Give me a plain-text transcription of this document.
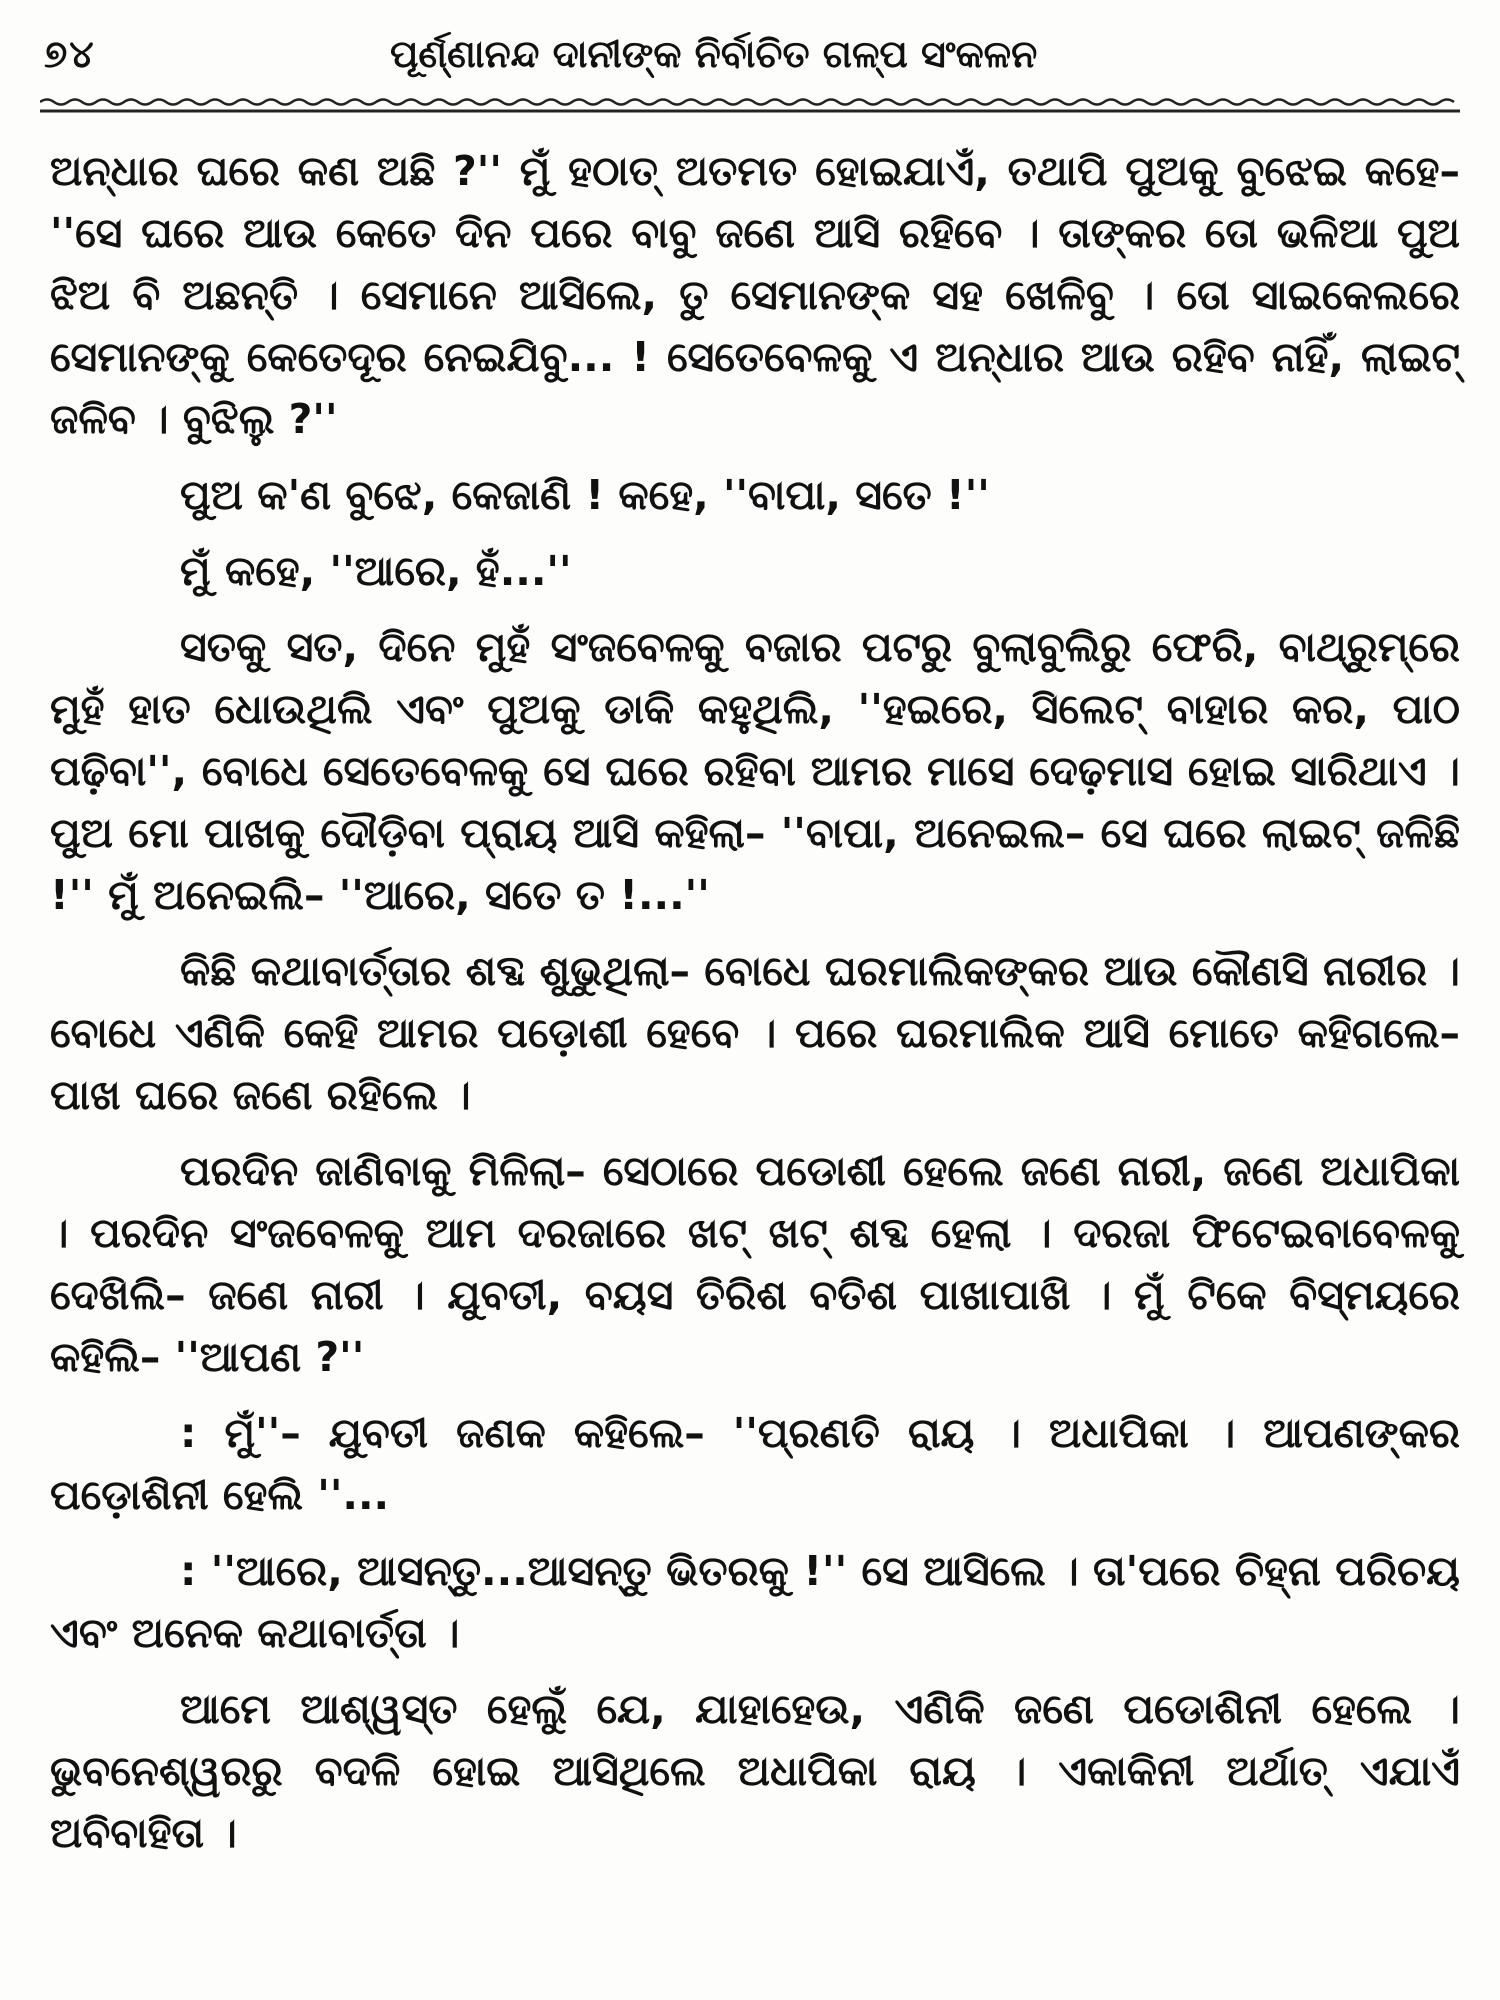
୭୪	ପୂର୍ଣ୍ଣାନନ୍ଦ ଦାନୀଙ୍କ ନିର୍ବାଚିତ ଗଳ୍ପ ସଂକଳନ

ଅନ୍ଧାର ଘରେ କଣ ଅଛି ?'' ମୁଁ ହଠାତ୍ ଅତମତ ହୋଇଯାଏଁ, ତଥାପି ପୁଅକୁ ବୁଝେଇ କହେ– ''ସେ ଘରେ ଆଉ କେତେ ଦିନ ପରେ ବାବୁ ଜଣେ ଆସି ରହିବେ । ତାଙ୍କର ତୋ ଭଳିଆ ପୁଅ ଝିଅ ବି ଅଛନ୍ତି । ସେମାନେ ଆସିଲେ, ତୁ ସେମାନଙ୍କ ସହ ଖେଳିବୁ । ତୋ ସାଇକେଲରେ ସେମାନଙ୍କୁ କେତେଦୂର ନେଇଯିବୁ... ! ସେତେବେଳକୁ ଏ ଅନ୍ଧାର ଆଉ ରହିବ ନାହିଁ, ଲାଇଟ୍ ଜଳିବ । ବୁଝିଲୁ ?''

ପୁଅ କ'ଣ ବୁଝେ, କେଜାଣି ! କହେ, ''ବାପା, ସତେ !''

ମୁଁ କହେ, ''ଆରେ, ହଁ...''

ସତକୁ ସତ, ଦିନେ ମୁହଁ ସଂଜବେଳକୁ ବଜାର ପଟରୁ ବୁଲାବୁଲିରୁ ଫେରି, ବାଥ୍‌ରୁମ୍‌ରେ ମୁହଁ ହାତ ଧୋଉଥିଲି ଏବଂ ପୁଅକୁ ଡାକି କହୁଥିଲି, ''ହଇରେ, ସିଲେଟ୍ ବାହାର କର, ପାଠ ପଢ଼ିବା'', ବୋଧେ ସେତେବେଳକୁ ସେ ଘରେ ରହିବା ଆମର ମାସେ ଦେଢ଼ମାସ ହୋଇ ସାରିଥାଏ । ପୁଅ ମୋ ପାଖକୁ ଦୌଡ଼ିବା ପ୍ରାୟ ଆସି କହିଲା– ''ବାପା, ଅନେଇଲ– ସେ ଘରେ ଲାଇଟ୍ ଜଳିଛି !'' ମୁଁ ଅନେଇଲି– ''ଆରେ, ସତେ ତ !...''

କିଛି କଥାବାର୍ତ୍ତାର ଶବ୍ଦ ଶୁଭୁଥିଲା– ବୋଧେ ଘରମାଲିକଙ୍କର ଆଉ କୌଣସି ନାରୀର । ବୋଧେ ଏଣିକି କେହି ଆମର ପଡ଼ୋଶୀ ହେବେ । ପରେ ଘରମାଲିକ ଆସି ମୋତେ କହିଗଲେ– ପାଖ ଘରେ ଜଣେ ରହିଲେ ।

ପରଦିନ ଜାଣିବାକୁ ମିଳିଲା– ସେଠାରେ ପଡୋଶୀ ହେଲେ ଜଣେ ନାରୀ, ଜଣେ ଅଧାପିକା । ପରଦିନ ସଂଜବେଳକୁ ଆମ ଦରଜାରେ ଖଟ୍ ଖଟ୍ ଶବ୍ଦ ହେଲା । ଦରଜା ଫିଟେଇବାବେଳକୁ ଦେଖିଲି– ଜଣେ ନାରୀ । ଯୁବତୀ, ବୟସ ତିରିଶ ବତିଶ ପାଖାପାଖି । ମୁଁ ଟିକେ ବିସ୍ମୟରେ କହିଲି– ''ଆପଣ ?''

: ମୁଁ''– ଯୁବତୀ ଜଣକ କହିଲେ– ''ପ୍ରଣତି ରାୟ । ଅଧାପିକା । ଆପଣଙ୍କର ପଡ଼ୋଶିନୀ ହେଲି ''...

: ''ଆରେ, ଆସନ୍ତୁ...ଆସନ୍ତୁ ଭିତରକୁ !'' ସେ ଆସିଲେ । ତା'ପରେ ଚିହ୍ନା ପରିଚୟ ଏବଂ ଅନେକ କଥାବାର୍ତ୍ତା ।

ଆମେ ଆଶ୍ୱସ୍ତ ହେଲୁଁ ଯେ, ଯାହାହେଉ, ଏଣିକି ଜଣେ ପଡୋଶିନୀ ହେଲେ । ଭୁବନେଶ୍ୱରରୁ ବଦଳି ହୋଇ ଆସିଥିଲେ ଅଧାପିକା ରାୟ । ଏକାକିନୀ ଅର୍ଥାତ୍ ଏଯାଏଁ ଅବିବାହିତା ।
